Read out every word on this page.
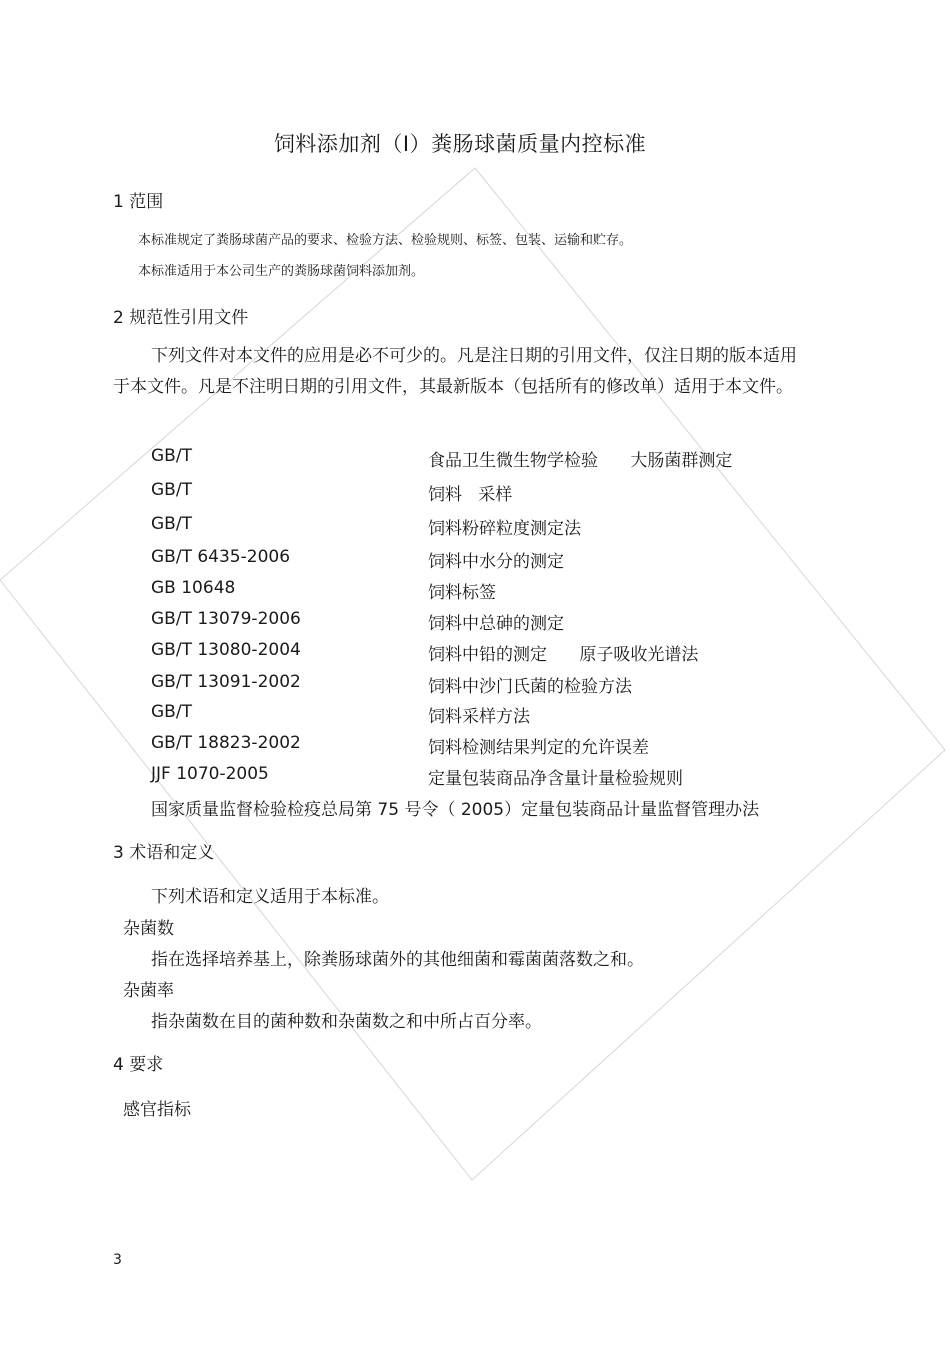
饲料添加剂（Ⅰ）粪肠球菌质量内控标准
1 范围
本标准规定了粪肠球菌产品的要求、检验方法、检验规则、标签、包装、运输和贮存。
本标准适用于本公司生产的粪肠球菌饲料添加剂。
2 规范性引用文件
下列文件对本文件的应用是必不可少的。凡是注日期的引用文件，仅注日期的版本适用于本文件。凡是不注明日期的引用文件，其最新版本（包括所有的修改单）适用于本文件。
GB/T	食品卫生微生物学检验      大肠菌群测定
GB/T	饲料   采样
GB/T	饲料粉碎粒度测定法
GB/T 6435-2006	饲料中水分的测定
GB 10648	饲料标签
GB/T 13079-2006	饲料中总砷的测定
GB/T 13080-2004	饲料中铅的测定      原子吸收光谱法
GB/T 13091-2002	饲料中沙门氏菌的检验方法
GB/T	饲料采样方法
GB/T 18823-2002	饲料检测结果判定的允许误差
JJF 1070-2005	定量包装商品净含量计量检验规则
国家质量监督检验检疫总局第 75 号令（ 2005）定量包装商品计量监督管理办法
3 术语和定义
下列术语和定义适用于本标准。
杂菌数
指在选择培养基上，除粪肠球菌外的其他细菌和霉菌菌落数之和。
杂菌率
指杂菌数在目的菌种数和杂菌数之和中所占百分率。
4 要求
感官指标
3
